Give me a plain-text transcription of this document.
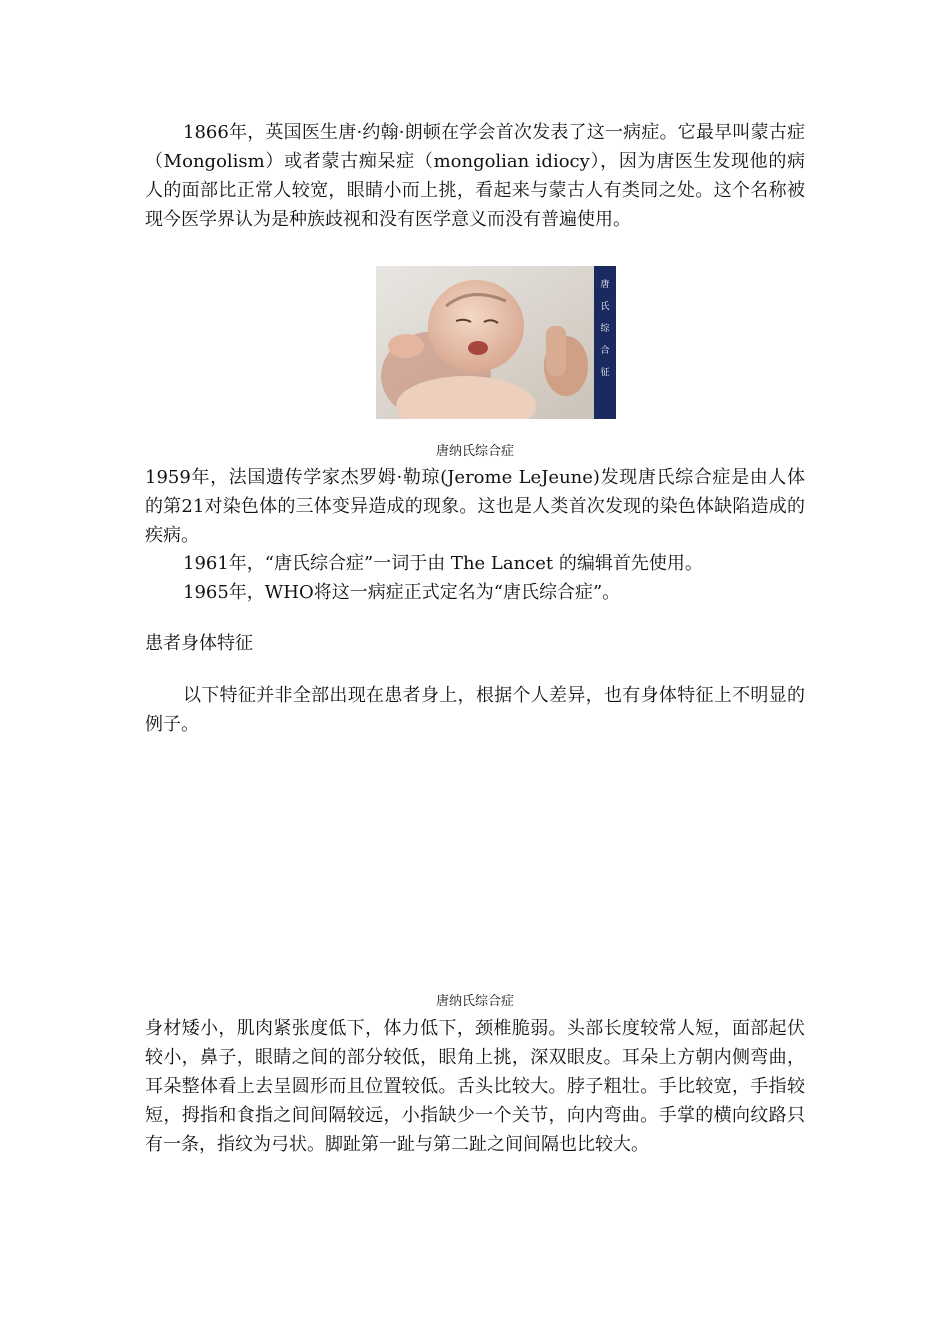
1866年，英国医生唐·约翰·朗顿在学会首次发表了这一病症。它最早叫蒙古症（Mongolism）或者蒙古痴呆症（mongolian idiocy），因为唐医生发现他的病人的面部比正常人较宽，眼睛小而上挑，看起来与蒙古人有类同之处。这个名称被现今医学界认为是种族歧视和没有医学意义而没有普遍使用。

唐氏综合征
唐纳氏综合症

1959年，法国遗传学家杰罗姆·勒琼(Jerome LeJeune)发现唐氏综合症是由人体的第21对染色体的三体变异造成的现象。这也是人类首次发现的染色体缺陷造成的疾病。

1961年，“唐氏综合症”一词于由 The Lancet 的编辑首先使用。

1965年，WHO将这一病症正式定名为“唐氏综合症”。

患者身体特征

以下特征并非全部出现在患者身上，根据个人差异，也有身体特征上不明显的例子。

唐纳氏综合症

身材矮小，肌肉紧张度低下，体力低下，颈椎脆弱。头部长度较常人短，面部起伏较小，鼻子，眼睛之间的部分较低，眼角上挑，深双眼皮。耳朵上方朝内侧弯曲，耳朵整体看上去呈圆形而且位置较低。舌头比较大。脖子粗壮。手比较宽，手指较短，拇指和食指之间间隔较远，小指缺少一个关节，向内弯曲。手掌的横向纹路只有一条，指纹为弓状。脚趾第一趾与第二趾之间间隔也比较大。
